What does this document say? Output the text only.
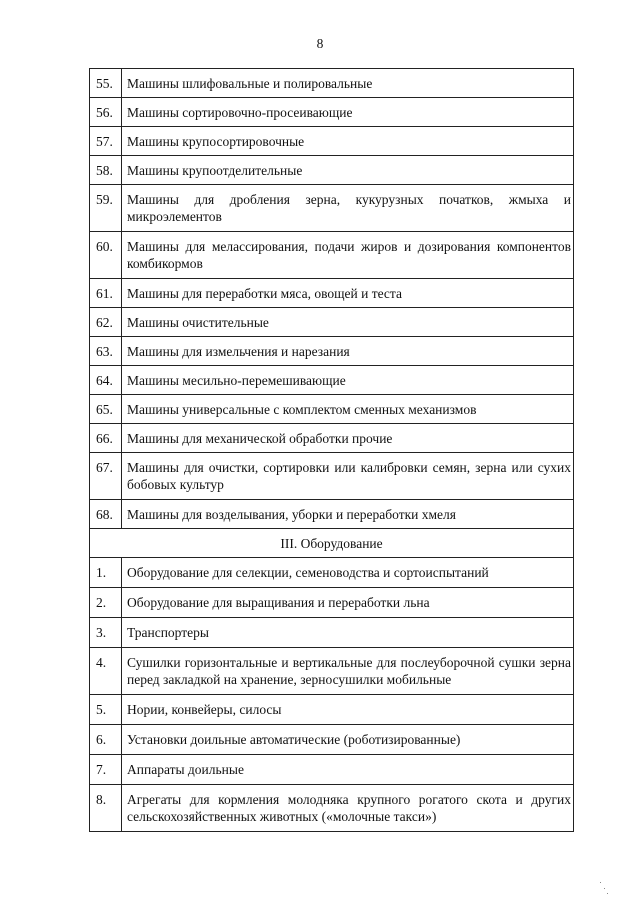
8
55.	Машины шлифовальные и полировальные
56.	Машины сортировочно-просеивающие
57.	Машины крупосортировочные
58.	Машины крупоотделительные
59.	Машины для дробления зерна, кукурузных початков, жмыха и микроэлементов
60.	Машины для мелассирования, подачи жиров и дозирования компонентов комбикормов
61.	Машины для переработки мяса, овощей и теста
62.	Машины очистительные
63.	Машины для измельчения и нарезания
64.	Машины месильно-перемешивающие
65.	Машины универсальные с комплектом сменных механизмов
66.	Машины для механической обработки прочие
67.	Машины для очистки, сортировки или калибровки семян, зерна или сухих бобовых культур
68.	Машины для возделывания, уборки и переработки хмеля
III. Оборудование	
1.	Оборудование для селекции, семеноводства и сортоиспытаний
2.	Оборудование для выращивания и переработки льна
3.	Транспортеры
4.	Сушилки горизонтальные и вертикальные для послеуборочной сушки зерна перед закладкой на хранение, зерносушилки мобильные
5.	Нории, конвейеры, силосы
6.	Установки доильные автоматические (роботизированные)
7.	Аппараты доильные
8.	Агрегаты для кормления молодняка крупного рогатого скота и других сельскохозяйственных животных («молочные такси»)
